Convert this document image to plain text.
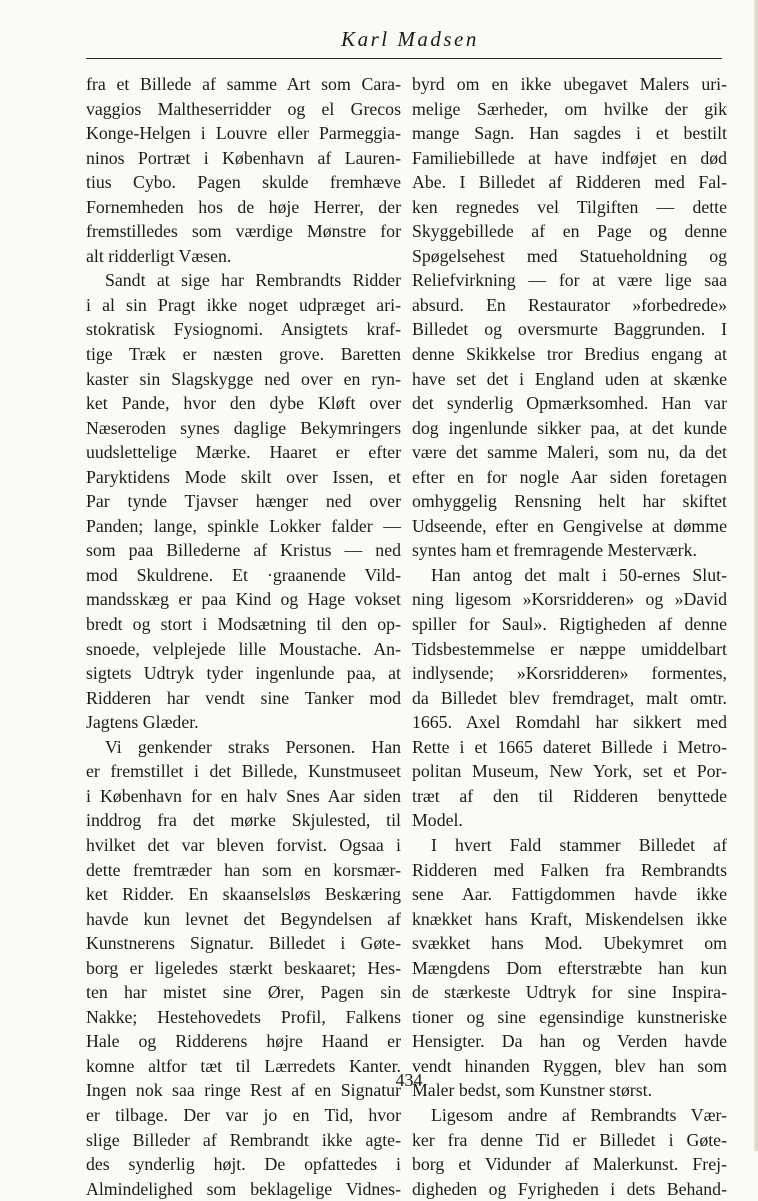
Karl Madsen
fra et Billede af samme Art som Cara-
vaggios Maltheserridder og el Grecos
Konge-Helgen i Louvre eller Parmeggia-
ninos Portræt i København af Lauren-
tius Cybo. Pagen skulde fremhæve
Fornemheden hos de høje Herrer, der
fremstilledes som værdige Mønstre for
alt ridderligt Væsen.
Sandt at sige har Rembrandts Ridder
i al sin Pragt ikke noget udpræget ari-
stokratisk Fysiognomi. Ansigtets kraf-
tige Træk er næsten grove. Baretten
kaster sin Slagskygge ned over en ryn-
ket Pande, hvor den dybe Kløft over
Næseroden synes daglige Bekymringers
uudslettelige Mærke. Haaret er efter
Paryktidens Mode skilt over Issen, et
Par tynde Tjavser hænger ned over
Panden; lange, spinkle Lokker falder —
som paa Billederne af Kristus — ned
mod Skuldrene. Et ·graanende Vild-
mandsskæg er paa Kind og Hage vokset
bredt og stort i Modsætning til den op-
snoede, velplejede lille Moustache. An-
sigtets Udtryk tyder ingenlunde paa, at
Ridderen har vendt sine Tanker mod
Jagtens Glæder.
Vi genkender straks Personen. Han
er fremstillet i det Billede, Kunstmuseet
i København for en halv Snes Aar siden
inddrog fra det mørke Skjulested, til
hvilket det var bleven forvist. Ogsaa i
dette fremtræder han som en korsmær-
ket Ridder. En skaanselsløs Beskæring
havde kun levnet det Begyndelsen af
Kunstnerens Signatur. Billedet i Gøte-
borg er ligeledes stærkt beskaaret; Hes-
ten har mistet sine Ører, Pagen sin
Nakke; Hestehovedets Profil, Falkens
Hale og Ridderens højre Haand er
komne altfor tæt til Lærredets Kanter.
Ingen nok saa ringe Rest af en Signatur
er tilbage. Der var jo en Tid, hvor
slige Billeder af Rembrandt ikke agte-
des synderlig højt. De opfattedes i
Almindelighed som beklagelige Vidnes-
byrd om en ikke ubegavet Malers uri-
melige Særheder, om hvilke der gik
mange Sagn. Han sagdes i et bestilt
Familiebillede at have indføjet en død
Abe. I Billedet af Ridderen med Fal-
ken regnedes vel Tilgiften — dette
Skyggebillede af en Page og denne
Spøgelsehest med Statueholdning og
Reliefvirkning — for at være lige saa
absurd. En Restaurator »forbedrede»
Billedet og oversmurte Baggrunden. I
denne Skikkelse tror Bredius engang at
have set det i England uden at skænke
det synderlig Opmærksomhed. Han var
dog ingenlunde sikker paa, at det kunde
være det samme Maleri, som nu, da det
efter en for nogle Aar siden foretagen
omhyggelig Rensning helt har skiftet
Udseende, efter en Gengivelse at dømme
syntes ham et fremragende Mesterværk.
Han antog det malt i 50-ernes Slut-
ning ligesom »Korsridderen» og »David
spiller for Saul». Rigtigheden af denne
Tidsbestemmelse er næppe umiddelbart
indlysende; »Korsridderen» formentes,
da Billedet blev fremdraget, malt omtr.
1665. Axel Romdahl har sikkert med
Rette i et 1665 dateret Billede i Metro-
politan Museum, New York, set et Por-
træt af den til Ridderen benyttede
Model.
I hvert Fald stammer Billedet af
Ridderen med Falken fra Rembrandts
sene Aar. Fattigdommen havde ikke
knækket hans Kraft, Miskendelsen ikke
svækket hans Mod. Ubekymret om
Mængdens Dom efterstræbte han kun
de stærkeste Udtryk for sine Inspira-
tioner og sine egensindige kunstneriske
Hensigter. Da han og Verden havde
vendt hinanden Ryggen, blev han som
Maler bedst, som Kunstner størst.
Ligesom andre af Rembrandts Vær-
ker fra denne Tid er Billedet i Gøte-
borg et Vidunder af Malerkunst. Frej-
digheden og Fyrigheden i dets Behand-
434
